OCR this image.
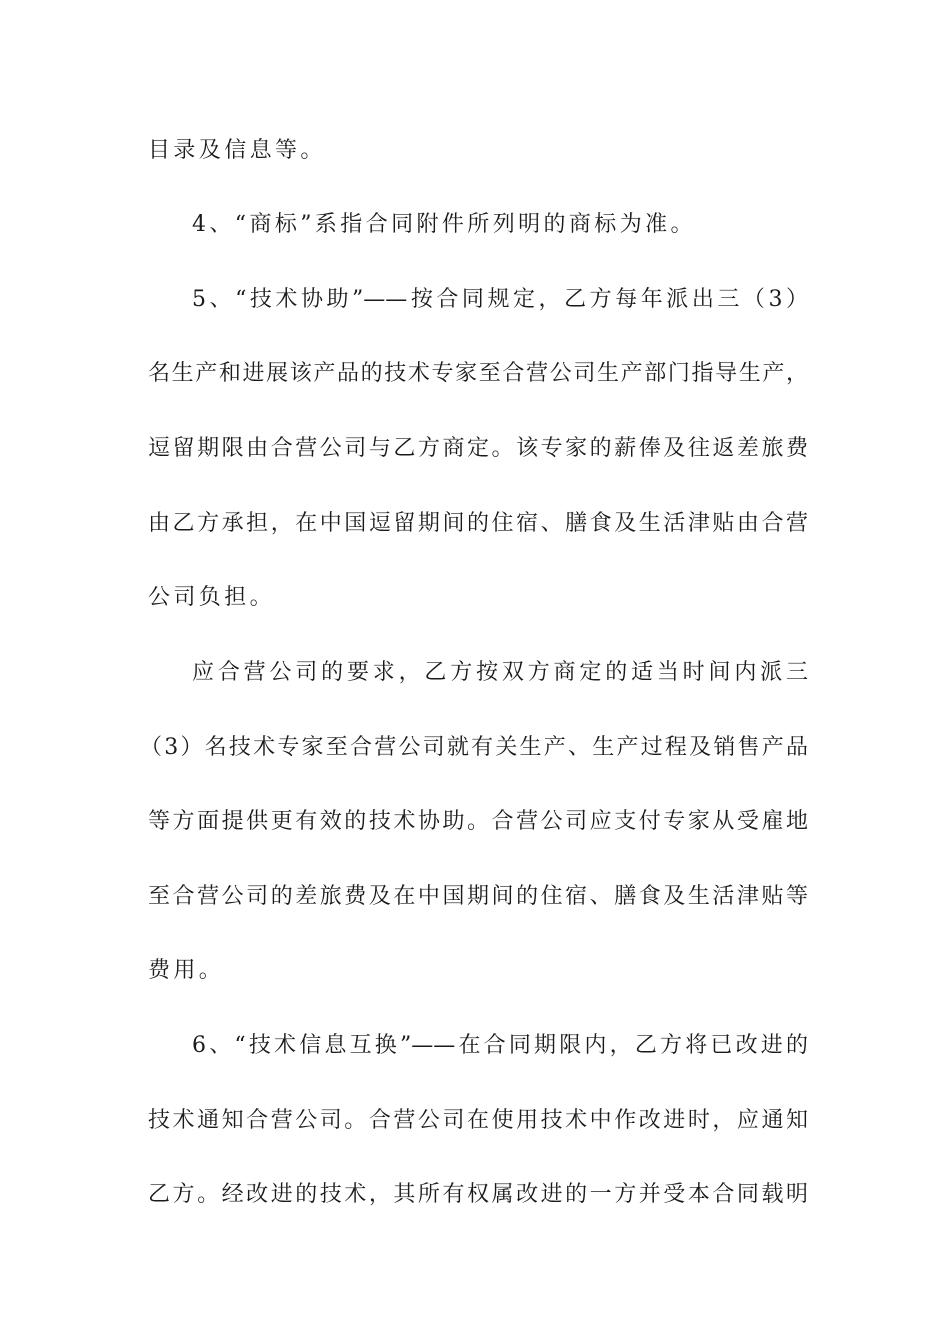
目录及信息等。
4、“商标”系指合同附件所列明的商标为准。
5、“技术协助”——按合同规定，乙方每年派出三（3）
名生产和进展该产品的技术专家至合营公司生产部门指导生产，
逗留期限由合营公司与乙方商定。该专家的薪俸及往返差旅费
由乙方承担，在中国逗留期间的住宿、膳食及生活津贴由合营
公司负担。
应合营公司的要求，乙方按双方商定的适当时间内派三
（3）名技术专家至合营公司就有关生产、生产过程及销售产品
等方面提供更有效的技术协助。合营公司应支付专家从受雇地
至合营公司的差旅费及在中国期间的住宿、膳食及生活津贴等
费用。
6、“技术信息互换”——在合同期限内，乙方将已改进的
技术通知合营公司。合营公司在使用技术中作改进时，应通知
乙方。经改进的技术，其所有权属改进的一方并受本合同载明
